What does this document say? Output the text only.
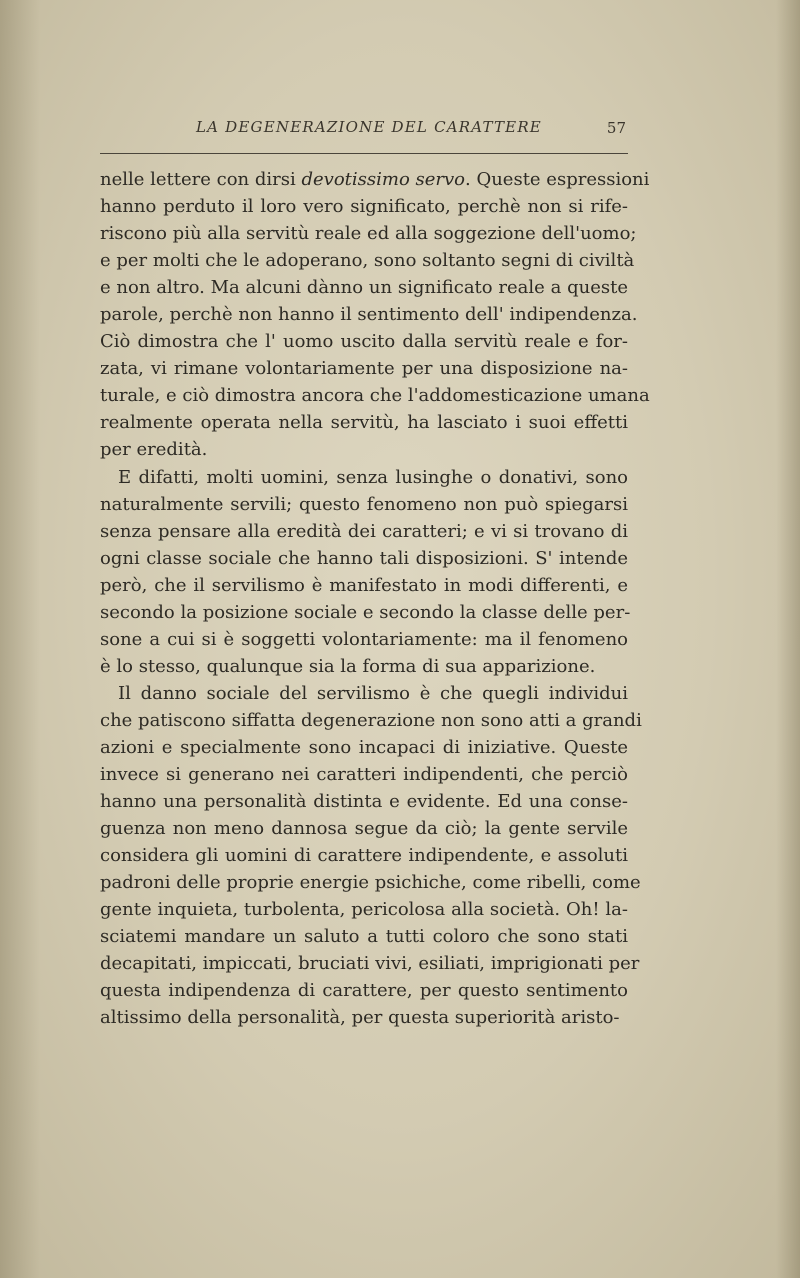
LA DEGENERAZIONE DEL CARATTERE	57
nelle lettere con dirsi devotissimo servo. Queste espressioni
hanno perduto il loro vero significato, perchè non si rife-
riscono più alla servitù reale ed alla soggezione dell'uomo;
e per molti che le adoperano, sono soltanto segni di civiltà
e non altro. Ma alcuni dànno un significato reale a queste
parole, perchè non hanno il sentimento dell' indipendenza.
Ciò dimostra che l' uomo uscito dalla servitù reale e for-
zata, vi rimane volontariamente per una disposizione na-
turale, e ciò dimostra ancora che l'addomesticazione umana
realmente operata nella servitù, ha lasciato i suoi effetti
per eredità.
E difatti, molti uomini, senza lusinghe o donativi, sono
naturalmente servili; questo fenomeno non può spiegarsi
senza pensare alla eredità dei caratteri; e vi si trovano di
ogni classe sociale che hanno tali disposizioni. S' intende
però, che il servilismo è manifestato in modi differenti, e
secondo la posizione sociale e secondo la classe delle per-
sone a cui si è soggetti volontariamente: ma il fenomeno
è lo stesso, qualunque sia la forma di sua apparizione.
Il danno sociale del servilismo è che quegli individui
che patiscono siffatta degenerazione non sono atti a grandi
azioni e specialmente sono incapaci di iniziative. Queste
invece si generano nei caratteri indipendenti, che perciò
hanno una personalità distinta e evidente. Ed una conse-
guenza non meno dannosa segue da ciò; la gente servile
considera gli uomini di carattere indipendente, e assoluti
padroni delle proprie energie psichiche, come ribelli, come
gente inquieta, turbolenta, pericolosa alla società. Oh! la-
sciatemi mandare un saluto a tutti coloro che sono stati
decapitati, impiccati, bruciati vivi, esiliati, imprigionati per
questa indipendenza di carattere, per questo sentimento
altissimo della personalità, per questa superiorità aristo-
